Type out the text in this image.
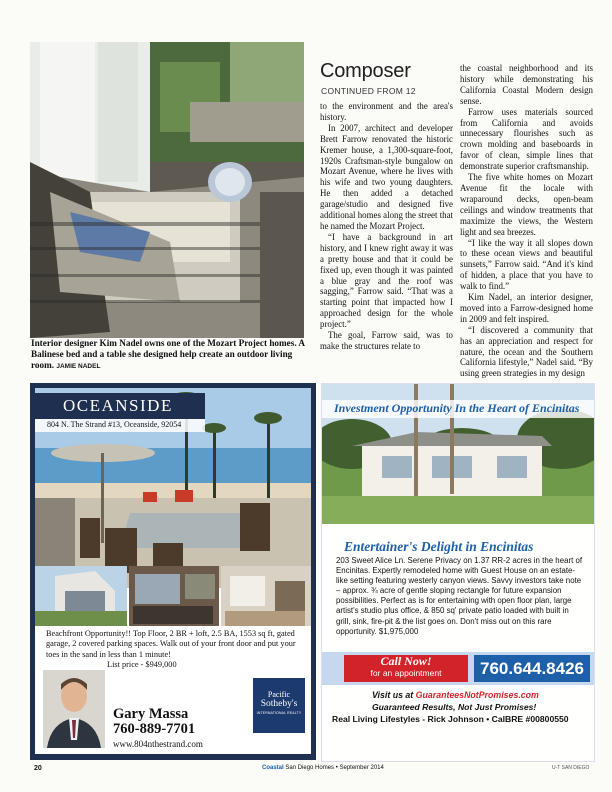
Interior designer Kim Nadel owns one of the Mozart Project homes. A Balinese bed and a table she designed help create an outdoor living room. JAMIE NADEL
Composer
CONTINUED FROM 12

to the environment and the area's history.

In 2007, architect and developer Brett Farrow renovated the historic Kremer house, a 1,300-square-foot, 1920s Craftsman-style bungalow on Mozart Avenue, where he lives with his wife and two young daughters. He then added a detached garage/studio and designed five additional homes along the street that he named the Mozart Project.

“I have a background in art history, and I knew right away it was a pretty house and that it could be fixed up, even though it was painted a blue gray and the roof was sagging,” Farrow said. “That was a starting point that impacted how I approached design for the whole project.”

The goal, Farrow said, was to make the structures relate to

the coastal neighborhood and its history while demonstrating his California Coastal Modern design sense.

Farrow uses materials sourced from California and avoids unnecessary flourishes such as crown molding and baseboards in favor of clean, simple lines that demonstrate superior craftsmanship.

The five white homes on Mozart Avenue fit the locale with wraparound decks, open-beam ceilings and window treatments that maximize the views, the Western light and sea breezes.

“I like the way it all slopes down to these ocean views and beautiful sunsets,” Farrow said. “And it's kind of hidden, a place that you have to walk to find.”

Kim Nadel, an interior designer, moved into a Farrow-designed home in 2009 and felt inspired.

“I discovered a community that has an appreciation and respect for nature, the ocean and the Southern California lifestyle,” Nadel said. “By using green strategies in my design

OCEANSIDE
804 N. The Strand #13, Oceanside, 92054
Beachfront Opportunity!! Top Floor, 2 BR + loft, 2.5 BA, 1553 sq ft, gated garage, 2 covered parking spaces. Walk out of your front door and put your toes in the sand in less than 1 minute!
List price - $949,000
Gary Massa
760-889-7701
www.804nthestrand.com
Pacific
Sotheby's
INTERNATIONAL REALTY
Investment Opportunity In the Heart of Encinitas
Entertainer's Delight in Encinitas
203 Sweet Alice Ln. Serene Privacy on 1.37 RR-2 acres in the heart of Encinitas. Expertly remodeled home with Guest House on an estate-like setting featuring westerly canyon views. Savvy investors take note – approx. ¾ acre of gentle sloping rectangle for future expansion possibilities. Perfect as is for entertaining with open floor plan, large artist's studio plus office, & 850 sq' private patio loaded with built in grill, sink, fire-pit & the list goes on. Don't miss out on this rare opportunity. $1,975,000
Call Now!
for an appointment	760.644.8426
Visit us at GuaranteesNotPromises.com
Guaranteed Results, Not Just Promises!
Real Living Lifestyles - Rick Johnson • CalBRE #00800550
20	Coastal San Diego Homes • September 2014	U-T SAN DIEGO
